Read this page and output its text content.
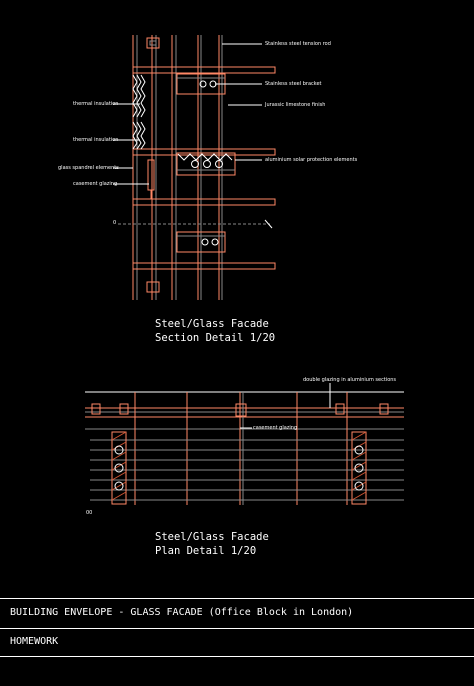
Stainless steel tension rod
Stainless steel bracket
Jurassic limestone finish
thermal insulation
thermal insulation
aluminium solar protection elements
glass spandrel elements
casement glazing
0
Steel/Glass Facade
Section Detail 1/20
double glazing in aluminium sections
casement glazing
00
Steel/Glass Facade
Plan Detail 1/20
BUILDING ENVELOPE - GLASS FACADE (Office Block in London)
HOMEWORK
